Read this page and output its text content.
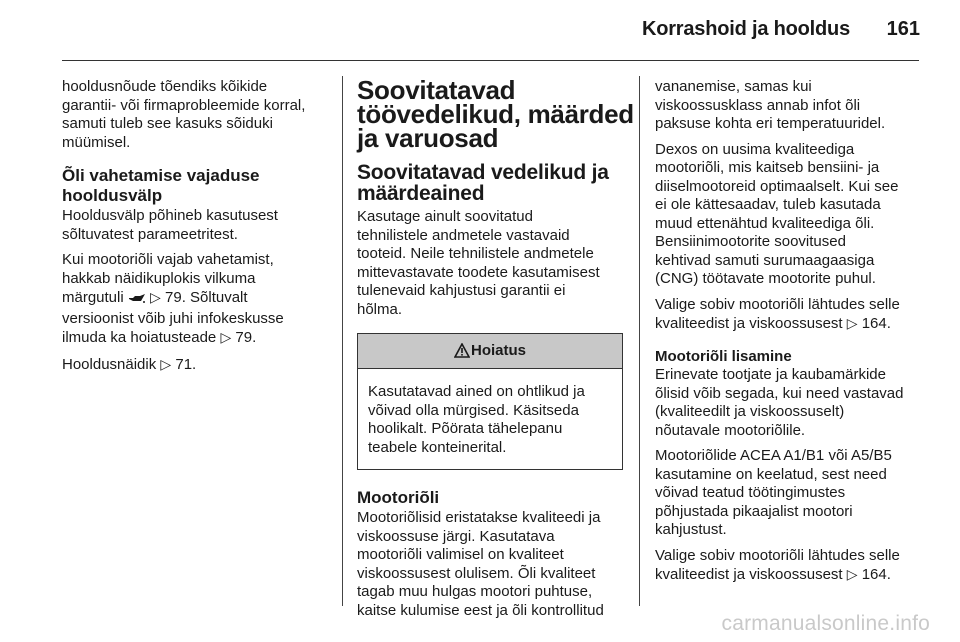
Korrashoid ja hooldus	161

hooldusnõude tõendiks kõikide
garantii- või firmaprobleemide korral,
samuti tuleb see kasuks sõiduki
müümisel.

Õli vahetamise vajaduse
hooldusvälp

Hooldusvälp põhineb kasutusest
sõltuvatest parameetritest.

Kui mootoriõli vajab vahetamist,
hakkab näidikuplokis vilkuma
märgutuli ▷ 79. Sõltuvalt
versioonist võib juhi infokeskusse
ilmuda ka hoiatusteade ▷ 79.

Hooldusnäidik ▷ 71.

Soovitatavad
töövedelikud, määrded
ja varuosad
Soovitatavad vedelikud ja
määrdeained

Kasutage ainult soovitatud
tehnilistele andmetele vastavaid
tooteid. Neile tehnilistele andmetele
mittevastavate toodete kasutamisest
tulenevaid kahjustusi garantii ei
hõlma.

Hoiatus
Kasutatavad ained on ohtlikud ja
võivad olla mürgised. Käsitseda
hoolikalt. Põörata tähelepanu
teabele konteinerital.
Mootoriõli

Mootoriõlisid eristatakse kvaliteedi ja
viskoossuse järgi. Kasutatava
mootoriõli valimisel on kvaliteet
viskoossusest olulisem. Õli kvaliteet
tagab muu hulgas mootori puhtuse,
kaitse kulumise eest ja õli kontrollitud

vananemise, samas kui
viskoossusklass annab infot õli
paksuse kohta eri temperatuuridel.

Dexos on uusima kvaliteediga
mootoriõli, mis kaitseb bensiini- ja
diiselmootoreid optimaalselt. Kui see
ei ole kättesaadav, tuleb kasutada
muud ettenähtud kvaliteediga õli.
Bensiinimootorite soovitused
kehtivad samuti surumaagaasiga
(CNG) töötavate mootorite puhul.

Valige sobiv mootoriõli lähtudes selle
kvaliteedist ja viskoossusest ▷ 164.

Mootoriõli lisamine

Erinevate tootjate ja kaubamärkide
õlisid võib segada, kui need vastavad
(kvaliteedilt ja viskoossuselt)
nõutavale mootoriõlile.

Mootoriõlide ACEA A1/B1 või A5/B5
kasutamine on keelatud, sest need
võivad teatud töötingimustes
põhjustada pikaajalist mootori
kahjustust.

Valige sobiv mootoriõli lähtudes selle
kvaliteedist ja viskoossusest ▷ 164.

carmanualsonline.info
